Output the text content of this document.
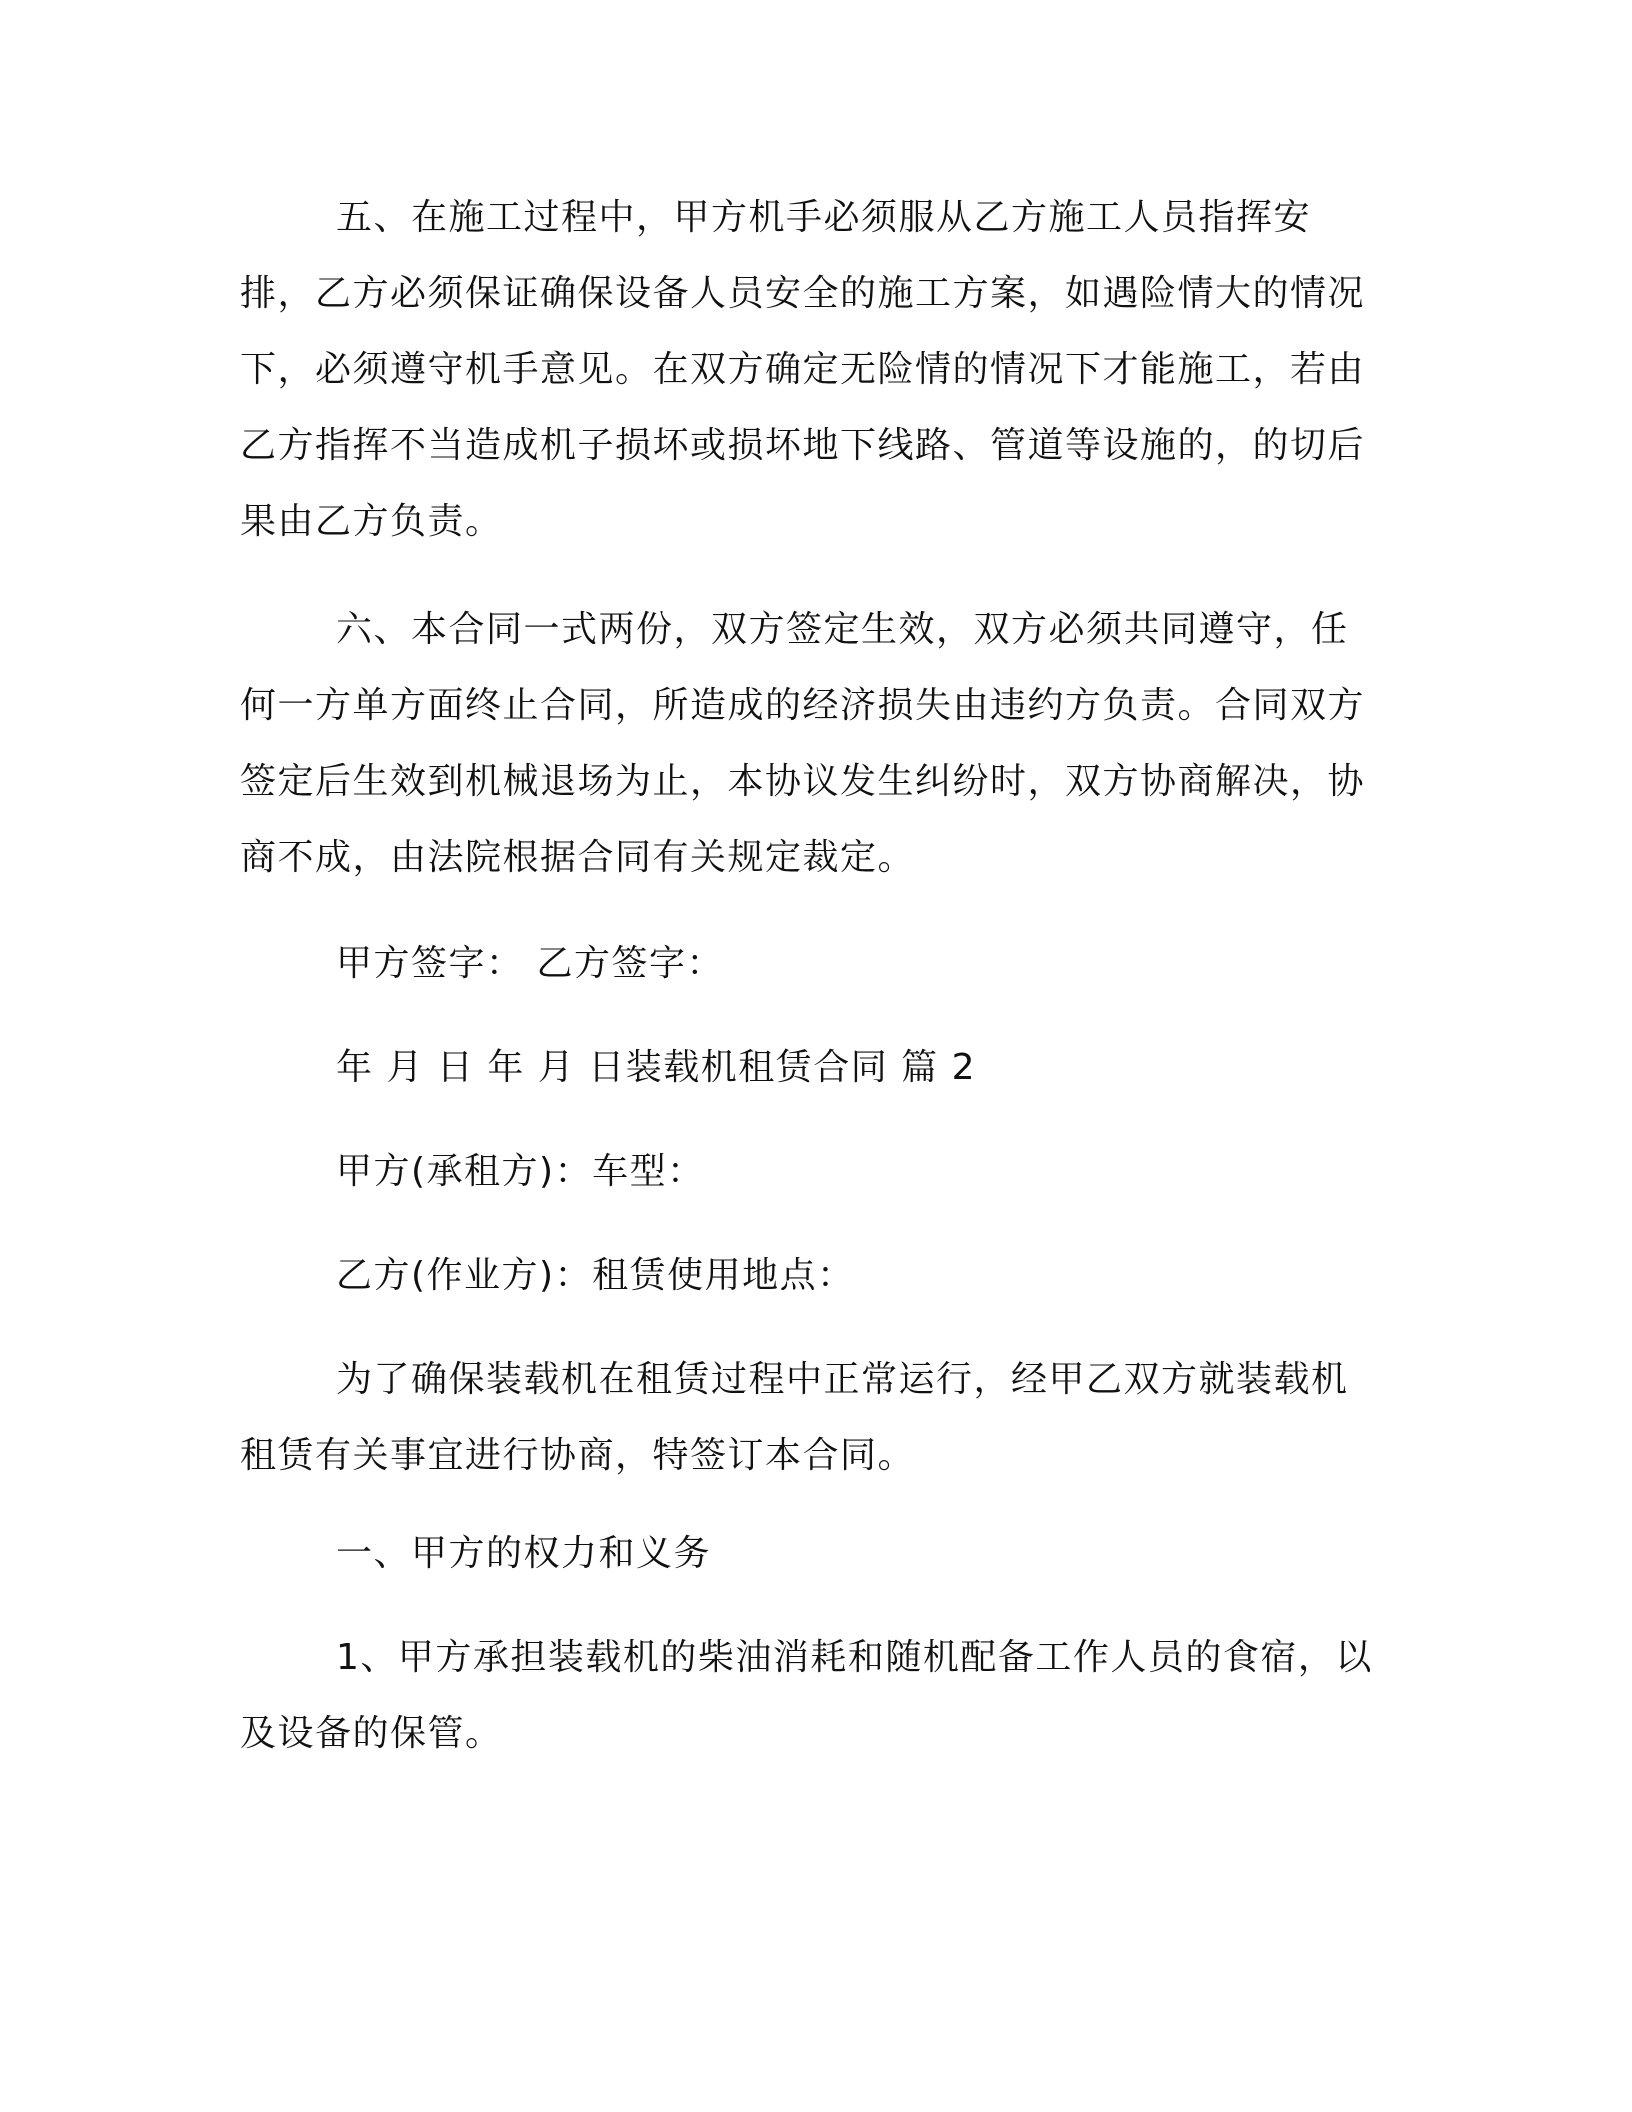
五、在施工过程中，甲方机手必须服从乙方施工人员指挥安排，乙方必须保证确保设备人员安全的施工方案，如遇险情大的情况下，必须遵守机手意见。在双方确定无险情的情况下才能施工，若由乙方指挥不当造成机子损坏或损坏地下线路、管道等设施的，的切后果由乙方负责。

六、本合同一式两份，双方签定生效，双方必须共同遵守，任何一方单方面终止合同，所造成的经济损失由违约方负责。合同双方签定后生效到机械退场为止，本协议发生纠纷时，双方协商解决，协商不成，由法院根据合同有关规定裁定。

甲方签字： 乙方签字：

年 月 日 年 月 日装载机租赁合同 篇 2

甲方(承租方)：车型：

乙方(作业方)：租赁使用地点：

为了确保装载机在租赁过程中正常运行，经甲乙双方就装载机租赁有关事宜进行协商，特签订本合同。

一、甲方的权力和义务

1、甲方承担装载机的柴油消耗和随机配备工作人员的食宿，以及设备的保管。
